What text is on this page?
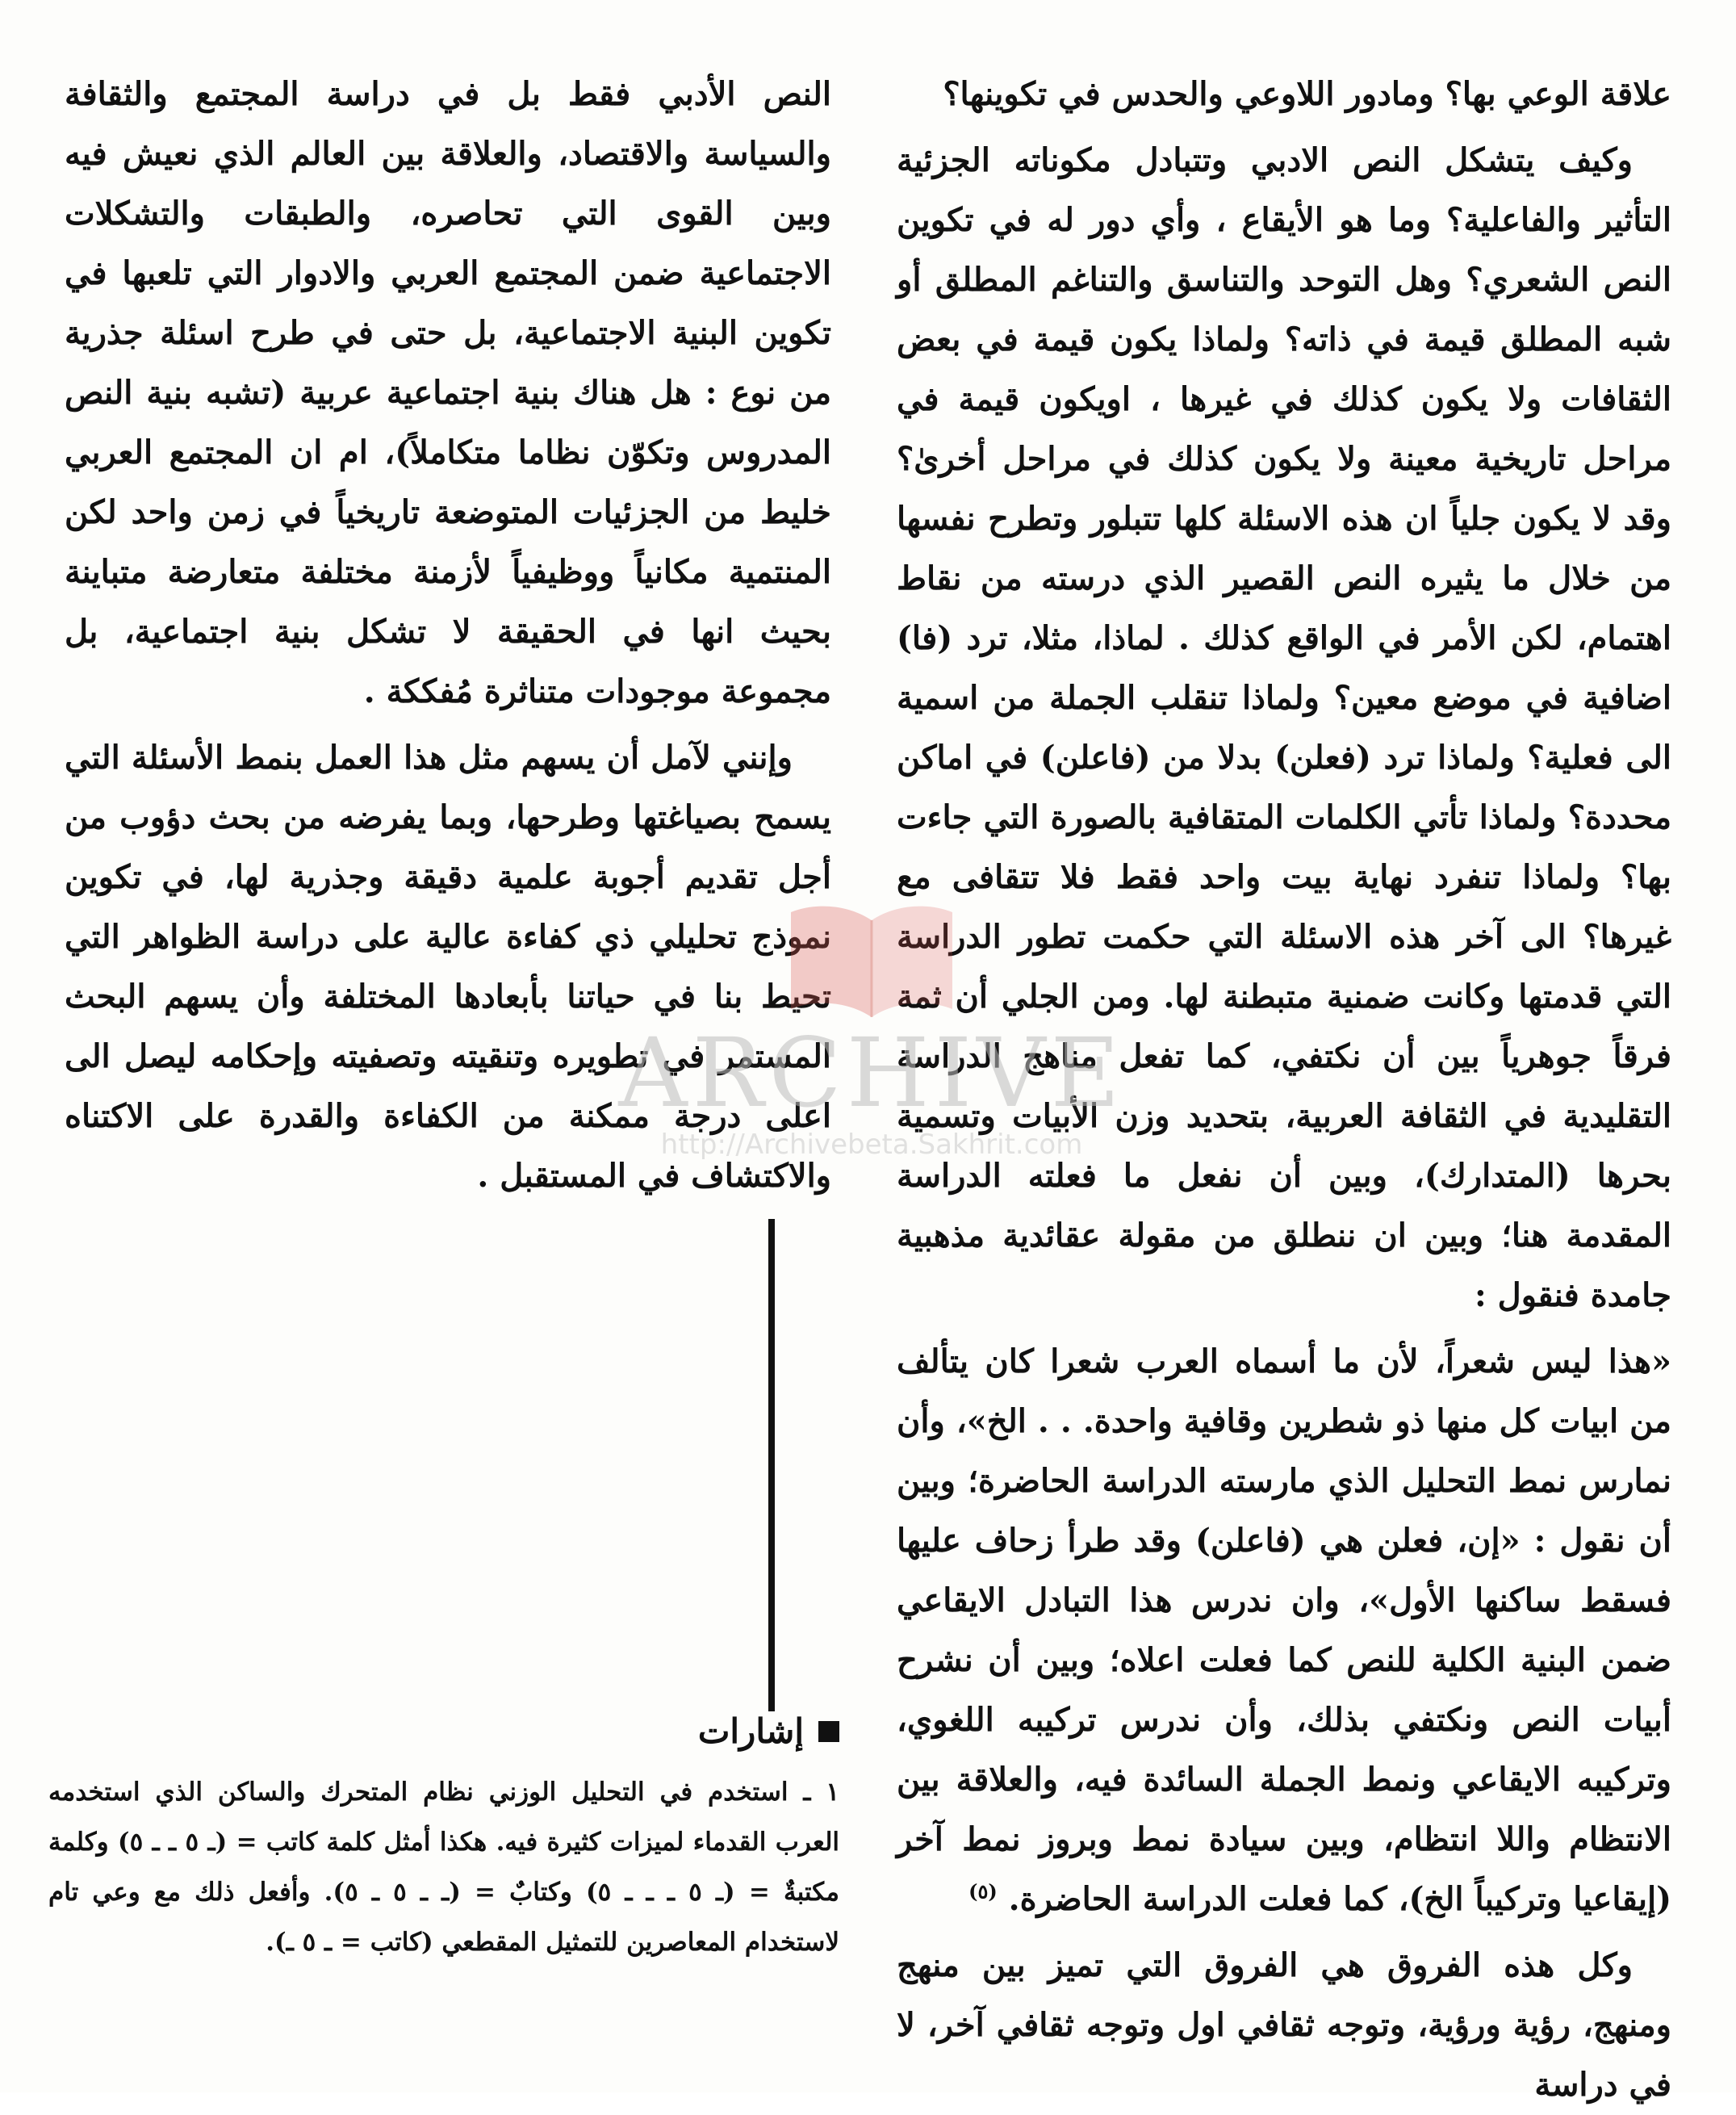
علاقة الوعي بها؟ ومادور اللاوعي والحدس في تكوينها؟

وكيف يتشكل النص الادبي وتتبادل مكوناته الجزئية التأثير والفاعلية؟ وما هو الأيقاع ، وأي دور له في تكوين النص الشعري؟ وهل التوحد والتناسق والتناغم المطلق أو شبه المطلق قيمة في ذاته؟ ولماذا يكون قيمة في بعض الثقافات ولا يكون كذلك في غيرها ، اويكون قيمة في مراحل تاريخية معينة ولا يكون كذلك في مراحل أخرىٰ؟ وقد لا يكون جلياً ان هذه الاسئلة كلها تتبلور وتطرح نفسها من خلال ما يثيره النص القصير الذي درسته من نقاط اهتمام، لكن الأمر في الواقع كذلك . لماذا، مثلا، ترد (فا) اضافية في موضع معين؟ ولماذا تنقلب الجملة من اسمية الى فعلية؟ ولماذا ترد (فعلن) بدلا من (فاعلن) في اماكن محددة؟ ولماذا تأتي الكلمات المتقافية بالصورة التي جاءت بها؟ ولماذا تنفرد نهاية بيت واحد فقط فلا تتقافى مع غيرها؟ الى آخر هذه الاسئلة التي حكمت تطور الدراسة التي قدمتها وكانت ضمنية متبطنة لها. ومن الجلي أن ثمة فرقاً جوهرياً بين أن نكتفي، كما تفعل مناهج الدراسة التقليدية في الثقافة العربية، بتحديد وزن الأبيات وتسمية بحرها (المتدارك)، وبين أن نفعل ما فعلته الدراسة المقدمة هنا؛ وبين ان ننطلق من مقولة عقائدية مذهبية جامدة فنقول :

«هذا ليس شعراً، لأن ما أسماه العرب شعرا كان يتألف من ابيات كل منها ذو شطرين وقافية واحدة. . . الخ»، وأن نمارس نمط التحليل الذي مارسته الدراسة الحاضرة؛ وبين أن نقول : «إن، فعلن هي (فاعلن) وقد طرأ زحاف عليها فسقط ساكنها الأول»، وان ندرس هذا التبادل الايقاعي ضمن البنية الكلية للنص كما فعلت اعلاه؛ وبين أن نشرح أبيات النص ونكتفي بذلك، وأن ندرس تركيبه اللغوي، وتركيبه الايقاعي ونمط الجملة السائدة فيه، والعلاقة بين الانتظام واللا انتظام، وبين سيادة نمط وبروز نمط آخر (إيقاعيا وتركيباً الخ)، كما فعلت الدراسة الحاضرة. $^{(٥)}$

وكل هذه الفروق هي الفروق التي تميز بين منهج ومنهج، رؤية ورؤية، وتوجه ثقافي اول وتوجه ثقافي آخر، لا في دراسة

النص الأدبي فقط بل في دراسة المجتمع والثقافة والسياسة والاقتصاد، والعلاقة بين العالم الذي نعيش فيه وبين القوى التي تحاصره، والطبقات والتشكلات الاجتماعية ضمن المجتمع العربي والادوار التي تلعبها في تكوين البنية الاجتماعية، بل حتى في طرح اسئلة جذرية من نوع : هل هناك بنية اجتماعية عربية (تشبه بنية النص المدروس وتكوّن نظاما متكاملاً)، ام ان المجتمع العربي خليط من الجزئيات المتوضعة تاريخياً في زمن واحد لكن المنتمية مكانياً ووظيفياً لأزمنة مختلفة متعارضة متباينة بحيث انها في الحقيقة لا تشكل بنية اجتماعية، بل مجموعة موجودات متناثرة مُفككة .

وإنني لآمل أن يسهم مثل هذا العمل بنمط الأسئلة التي يسمح بصياغتها وطرحها، وبما يفرضه من بحث دؤوب من أجل تقديم أجوبة علمية دقيقة وجذرية لها، في تكوين نموذج تحليلي ذي كفاءة عالية على دراسة الظواهر التي تحيط بنا في حياتنا بأبعادها المختلفة وأن يسهم البحث المستمر في تطويره وتنقيته وتصفيته وإحكامه ليصل الى اعلى درجة ممكنة من الكفاءة والقدرة على الاكتناه والاكتشاف في المستقبل .

إشارات

١ ـ استخدم في التحليل الوزني نظام المتحرك والساكن الذي استخدمه العرب القدماء لميزات كثيرة فيه. هكذا أمثل كلمة كاتب = (ـ ٥ ـ ـ ٥) وكلمة مكتبةٌ = (ـ ٥ ـ ـ ـ ٥) وكتابٌ = (ـ ـ ٥ ـ ٥). وأفعل ذلك مع وعي تام لاستخدام المعاصرين للتمثيل المقطعي (كاتب = ـ ٥ ـ).

ARCHIVE
http://Archivebeta.Sakhrit.com
